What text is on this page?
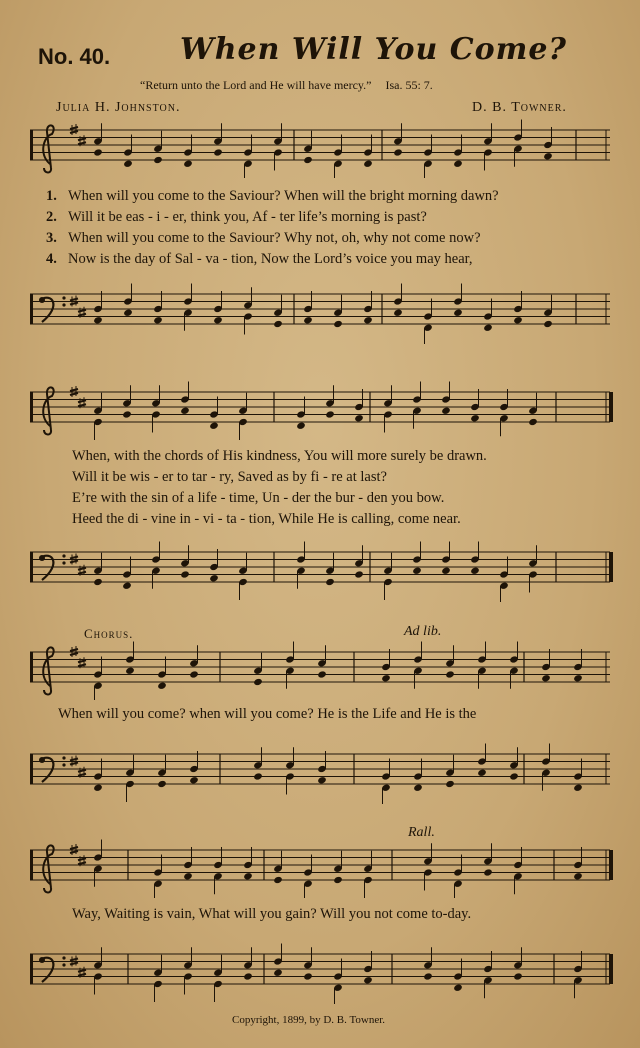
No. 40. When Will You Come?
“Return unto the Lord and He will have mercy.” Isa. 55: 7.
Julia H. Johnston.	D. B. Towner.
1. When will you come to the Saviour? When will the bright morning dawn?
2. Will it be eas - i - er, think you, Af - ter life’s morning is past?
3. When will you come to the Saviour? Why not, oh, why not come now?
4. Now is the day of Sal - va - tion, Now the Lord’s voice you may hear,
When, with the chords of His kindness, You will more surely be drawn.
Will it be wis - er to tar - ry, Saved as by fi - re at last?
E’re with the sin of a life - time, Un - der the bur - den you bow.
Heed the di - vine in - vi - ta - tion, While He is calling, come near.
Chorus.	Ad lib.
When will you come? when will you come? He is the Life and He is the
Rall.
Way, Waiting is vain, What will you gain? Will you not come to-day.
Copyright, 1899, by D. B. Towner.
